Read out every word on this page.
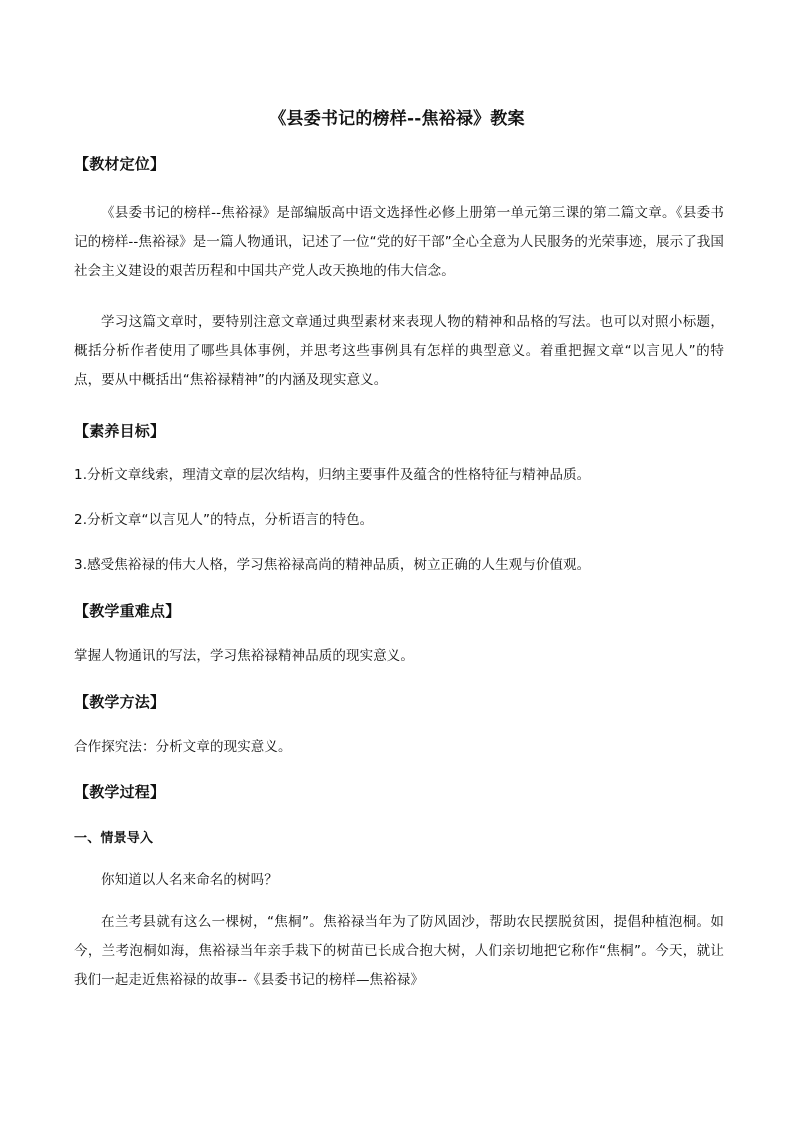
《县委书记的榜样--焦裕禄》教案
【教材定位】
《县委书记的榜样--焦裕禄》是部编版高中语文选择性必修上册第一单元第三课的第二篇文章。《县委书记的榜样--焦裕禄》是一篇人物通讯，记述了一位“党的好干部”全心全意为人民服务的光荣事迹，展示了我国社会主义建设的艰苦历程和中国共产党人改天换地的伟大信念。
学习这篇文章时，要特别注意文章通过典型素材来表现人物的精神和品格的写法。也可以对照小标题，概括分析作者使用了哪些具体事例，并思考这些事例具有怎样的典型意义。着重把握文章“以言见人”的特点，要从中概括出“焦裕禄精神”的内涵及现实意义。
【素养目标】
1.分析文章线索，理清文章的层次结构，归纳主要事件及蕴含的性格特征与精神品质。
2.分析文章“以言见人”的特点，分析语言的特色。
3.感受焦裕禄的伟大人格，学习焦裕禄高尚的精神品质，树立正确的人生观与价值观。
【教学重难点】
掌握人物通讯的写法，学习焦裕禄精神品质的现实意义。
【教学方法】
合作探究法：分析文章的现实意义。
【教学过程】
一、情景导入
你知道以人名来命名的树吗？
在兰考县就有这么一棵树，“焦桐”。焦裕禄当年为了防风固沙，帮助农民摆脱贫困，提倡种植泡桐。如今，兰考泡桐如海，焦裕禄当年亲手栽下的树苗已长成合抱大树，人们亲切地把它称作“焦桐”。今天，就让我们一起走近焦裕禄的故事--《县委书记的榜样—焦裕禄》
